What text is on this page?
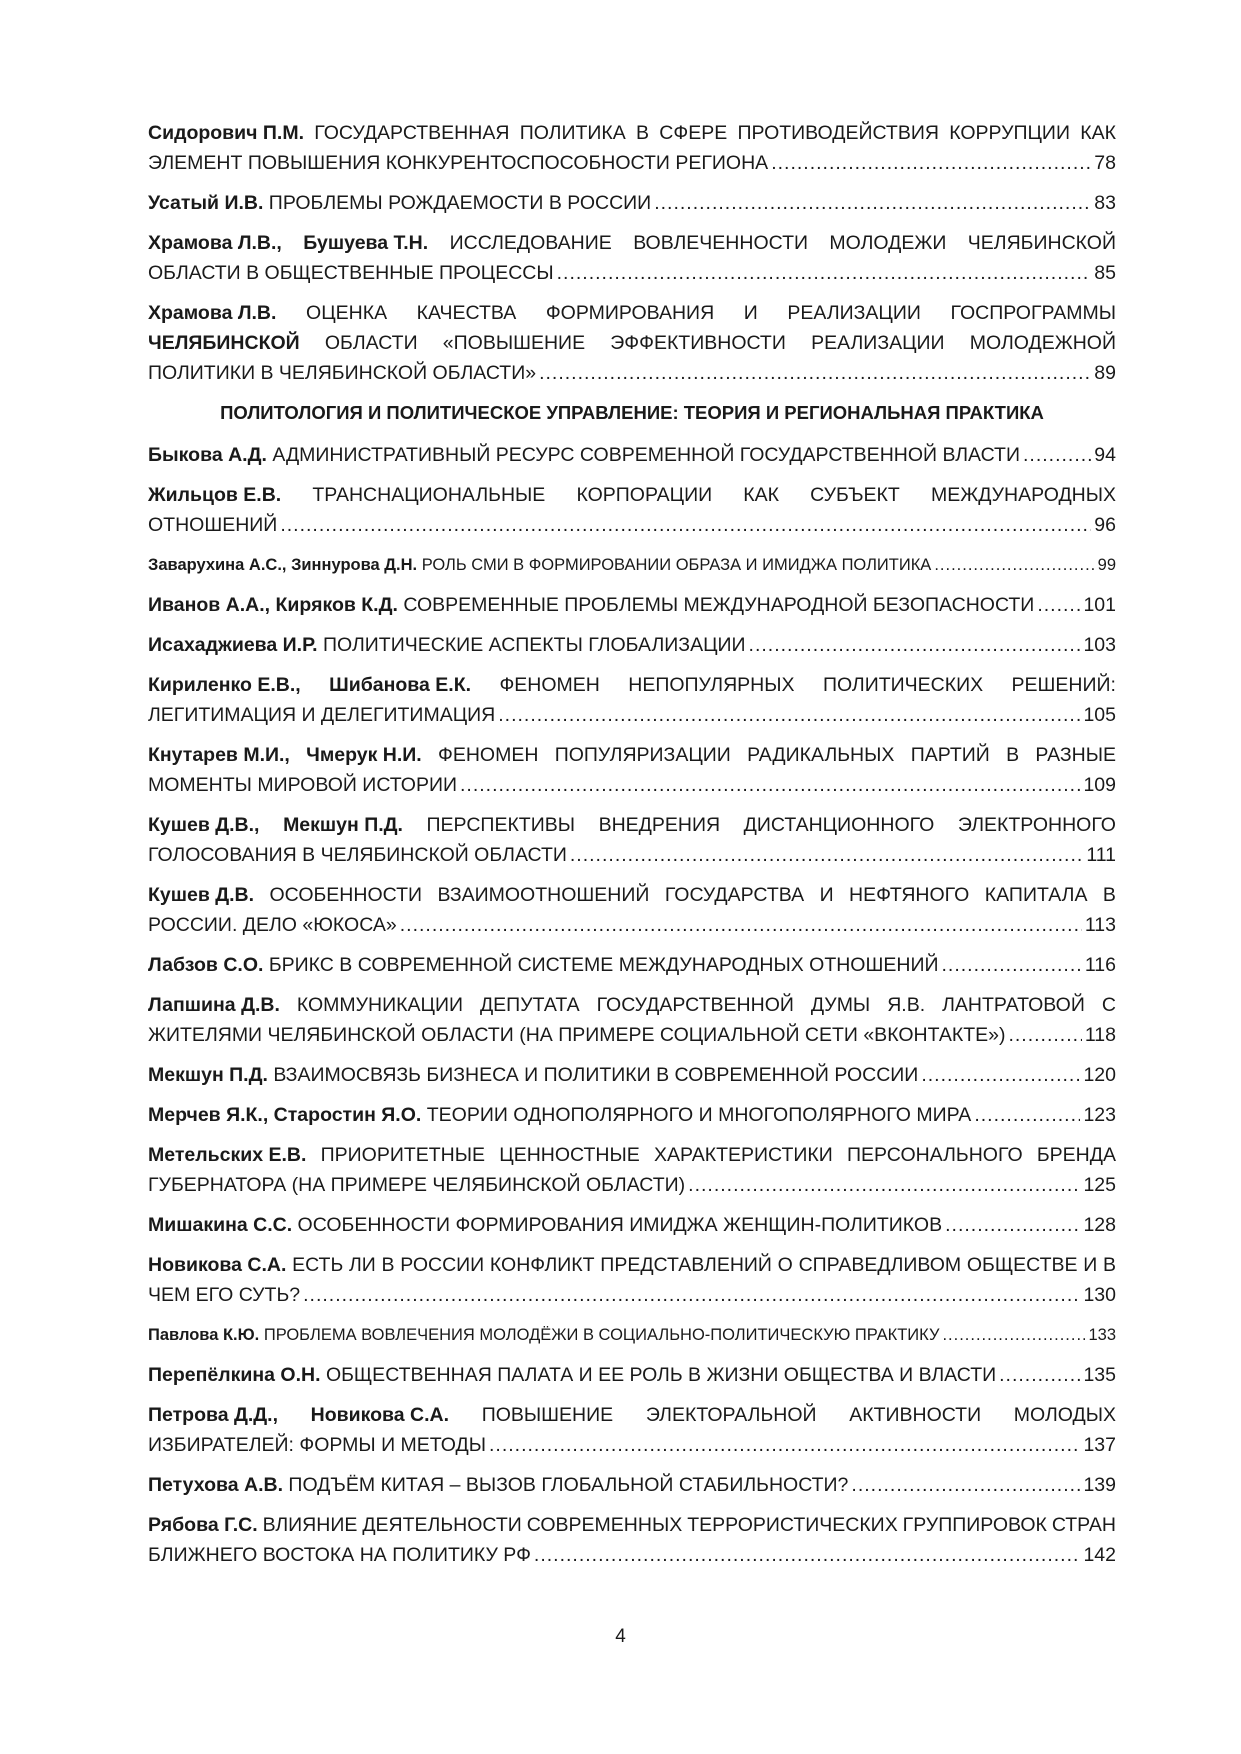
Сидорович П.М. ГОСУДАРСТВЕННАЯ ПОЛИТИКА В СФЕРЕ ПРОТИВОДЕЙСТВИЯ КОРРУПЦИИ КАК
ЭЛЕМЕНТ ПОВЫШЕНИЯ КОНКУРЕНТОСПОСОБНОСТИ РЕГИОНА .....	78
Усатый И.В.
ПРОБЛЕМЫ РОЖДАЕМОСТИ В РОССИИ .....	83
Храмова Л.В., Бушуева Т.Н. ИССЛЕДОВАНИЕ ВОВЛЕЧЕННОСТИ МОЛОДЕЖИ ЧЕЛЯБИНСКОЙ
ОБЛАСТИ В ОБЩЕСТВЕННЫЕ ПРОЦЕССЫ .....	85
Храмова Л.В. ОЦЕНКА КАЧЕСТВА ФОРМИРОВАНИЯ И РЕАЛИЗАЦИИ ГОСПРОГРАММЫ
ЧЕЛЯБИНСКОЙ ОБЛАСТИ «ПОВЫШЕНИЕ ЭФФЕКТИВНОСТИ РЕАЛИЗАЦИИ МОЛОДЕЖНОЙ
ПОЛИТИКИ В ЧЕЛЯБИНСКОЙ ОБЛАСТИ» .....	89
ПОЛИТОЛОГИЯ И ПОЛИТИЧЕСКОЕ УПРАВЛЕНИЕ: ТЕОРИЯ И РЕГИОНАЛЬНАЯ ПРАКТИКА
Быкова А.Д.
АДМИНИСТРАТИВНЫЙ РЕСУРС СОВРЕМЕННОЙ ГОСУДАРСТВЕННОЙ ВЛАСТИ .....	94
Жильцов Е.В. ТРАНСНАЦИОНАЛЬНЫЕ КОРПОРАЦИИ КАК СУБЪЕКТ МЕЖДУНАРОДНЫХ
ОТНОШЕНИЙ .....	96
Заварухина А.С., Зиннурова Д.Н.
РОЛЬ СМИ В ФОРМИРОВАНИИ ОБРАЗА И ИМИДЖА ПОЛИТИКА .....	99
Иванов А.А., Киряков К.Д.
СОВРЕМЕННЫЕ ПРОБЛЕМЫ МЕЖДУНАРОДНОЙ БЕЗОПАСНОСТИ .....	101
Исахаджиева И.Р.
ПОЛИТИЧЕСКИЕ АСПЕКТЫ ГЛОБАЛИЗАЦИИ .....	103
Кириленко Е.В., Шибанова Е.К. ФЕНОМЕН НЕПОПУЛЯРНЫХ ПОЛИТИЧЕСКИХ РЕШЕНИЙ:
ЛЕГИТИМАЦИЯ И ДЕЛЕГИТИМАЦИЯ .....	105
Кнутарев М.И., Чмерук Н.И. ФЕНОМЕН ПОПУЛЯРИЗАЦИИ РАДИКАЛЬНЫХ ПАРТИЙ В РАЗНЫЕ
МОМЕНТЫ МИРОВОЙ ИСТОРИИ .....	109
Кушев Д.В., Мекшун П.Д. ПЕРСПЕКТИВЫ ВНЕДРЕНИЯ ДИСТАНЦИОННОГО ЭЛЕКТРОННОГО
ГОЛОСОВАНИЯ В ЧЕЛЯБИНСКОЙ ОБЛАСТИ .....	111
Кушев Д.В. ОСОБЕННОСТИ ВЗАИМООТНОШЕНИЙ ГОСУДАРСТВА И НЕФТЯНОГО КАПИТАЛА В
РОССИИ. ДЕЛО «ЮКОСА» .....	113
Лабзов С.О.
БРИКС В СОВРЕМЕННОЙ СИСТЕМЕ МЕЖДУНАРОДНЫХ ОТНОШЕНИЙ .....	116
Лапшина Д.В. КОММУНИКАЦИИ ДЕПУТАТА ГОСУДАРСТВЕННОЙ ДУМЫ Я.В. ЛАНТРАТОВОЙ С
ЖИТЕЛЯМИ ЧЕЛЯБИНСКОЙ ОБЛАСТИ (НА ПРИМЕРЕ СОЦИАЛЬНОЙ СЕТИ «ВКОНТАКТЕ») .....	118
Мекшун П.Д.
ВЗАИМОСВЯЗЬ БИЗНЕСА И ПОЛИТИКИ В СОВРЕМЕННОЙ РОССИИ .....	120
Мерчев Я.К., Старостин Я.О.
ТЕОРИИ ОДНОПОЛЯРНОГО И МНОГОПОЛЯРНОГО МИРА .....	123
Метельских Е.В. ПРИОРИТЕТНЫЕ ЦЕННОСТНЫЕ ХАРАКТЕРИСТИКИ ПЕРСОНАЛЬНОГО БРЕНДА
ГУБЕРНАТОРА (НА ПРИМЕРЕ ЧЕЛЯБИНСКОЙ ОБЛАСТИ) .....	125
Мишакина С.С.
ОСОБЕННОСТИ ФОРМИРОВАНИЯ ИМИДЖА ЖЕНЩИН-ПОЛИТИКОВ .....	128
Новикова С.А. ЕСТЬ ЛИ В РОССИИ КОНФЛИКТ ПРЕДСТАВЛЕНИЙ О СПРАВЕДЛИВОМ ОБЩЕСТВЕ И В
ЧЕМ ЕГО СУТЬ? .....	130
Павлова К.Ю.
ПРОБЛЕМА ВОВЛЕЧЕНИЯ МОЛОДЁЖИ В СОЦИАЛЬНО-ПОЛИТИЧЕСКУЮ ПРАКТИКУ .....	133
Перепёлкина О.Н.
ОБЩЕСТВЕННАЯ ПАЛАТА И ЕЕ РОЛЬ В ЖИЗНИ ОБЩЕСТВА И ВЛАСТИ .....	135
Петрова Д.Д., Новикова С.А. ПОВЫШЕНИЕ ЭЛЕКТОРАЛЬНОЙ АКТИВНОСТИ МОЛОДЫХ
ИЗБИРАТЕЛЕЙ: ФОРМЫ И МЕТОДЫ .....	137
Петухова А.В.
ПОДЪЁМ КИТАЯ – ВЫЗОВ ГЛОБАЛЬНОЙ СТАБИЛЬНОСТИ? .....	139
Рябова Г.С. ВЛИЯНИЕ ДЕЯТЕЛЬНОСТИ СОВРЕМЕННЫХ ТЕРРОРИСТИЧЕСКИХ ГРУППИРОВОК СТРАН
БЛИЖНЕГО ВОСТОКА НА ПОЛИТИКУ РФ .....	142
4
